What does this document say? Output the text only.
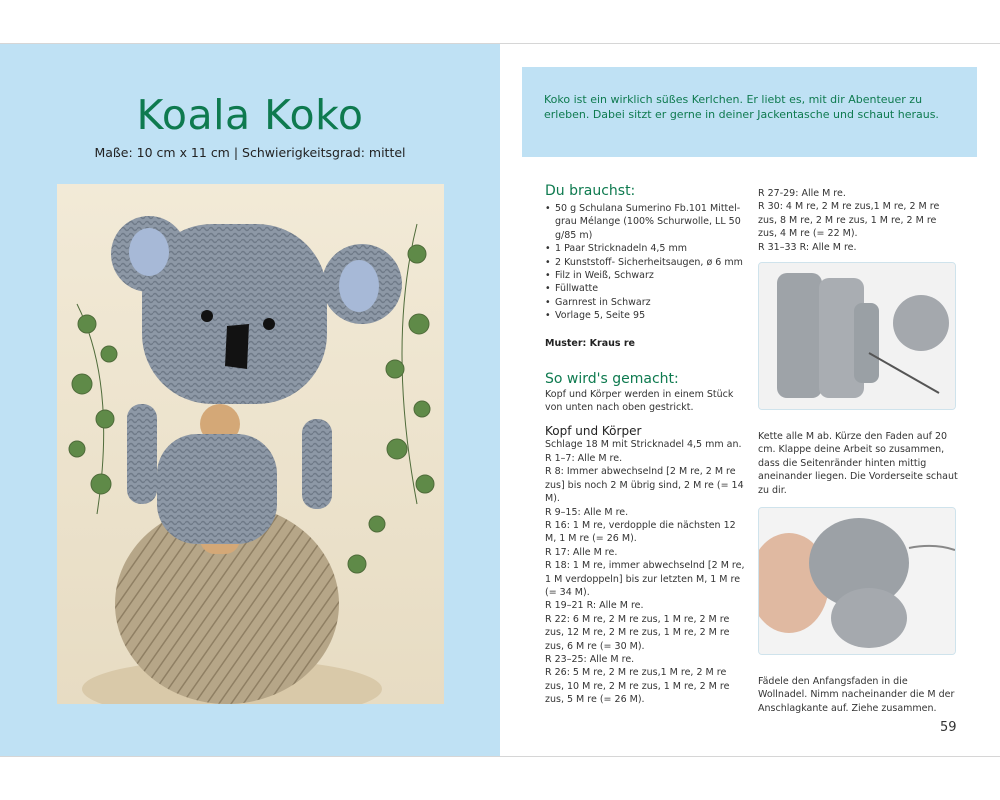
Koala Koko
Maße: 10 cm x 11 cm | Schwierigkeitsgrad: mittel
Koko ist ein wirklich süßes Kerlchen. Er liebt es, mit dir Abenteuer zu erleben. Dabei sitzt er gerne in deiner Jackentasche und schaut heraus.
Du brauchst:
• 50 g Schulana Sumerino Fb.101 Mittelgrau Mélange (100% Schurwolle, LL 50 g/85 m)
• 1 Paar Stricknadeln 4,5 mm
• 2 Kunststoff- Sicherheitsaugen, ø 6 mm
• Filz in Weiß, Schwarz
• Füllwatte
• Garnrest in Schwarz
• Vorlage 5, Seite 95
Muster: Kraus re
So wird's gemacht:
Kopf und Körper werden in einem Stück von unten nach oben gestrickt.
Kopf und Körper
Schlage 18 M mit Stricknadel 4,5 mm an.
R 1–7: Alle M re.
R 8: Immer abwechselnd [2 M re, 2 M re zus] bis noch 2 M übrig sind, 2 M re (= 14 M).
R 9–15: Alle M re.
R 16: 1 M re, verdopple die nächsten 12 M, 1 M re (= 26 M).
R 17: Alle M re.
R 18: 1 M re, immer abwechselnd [2 M re, 1 M verdoppeln] bis zur letzten M, 1 M re (= 34 M).
R 19–21 R: Alle M re.
R 22: 6 M re, 2 M re zus, 1 M re, 2 M re zus, 12 M re, 2 M re zus, 1 M re, 2 M re zus, 6 M re (= 30 M).
R 23–25: Alle M re.
R 26: 5 M re, 2 M re zus,1 M re, 2 M re zus, 10 M re, 2 M re zus, 1 M re, 2 M re zus, 5 M re (= 26 M).
R 27-29: Alle M re.
R 30: 4 M re, 2 M re zus,1 M re, 2 M re zus, 8 M re, 2 M re zus, 1 M re, 2 M re zus, 4 M re (= 22 M).
R 31–33 R: Alle M re.
Kette alle M ab. Kürze den Faden auf 20 cm. Klappe deine Arbeit so zusammen, dass die Seitenränder hinten mittig aneinander liegen. Die Vorderseite schaut zu dir.
Fädele den Anfangsfaden in die Wollnadel. Nimm nacheinander die M der Anschlagkante auf. Ziehe zusammen.
59
